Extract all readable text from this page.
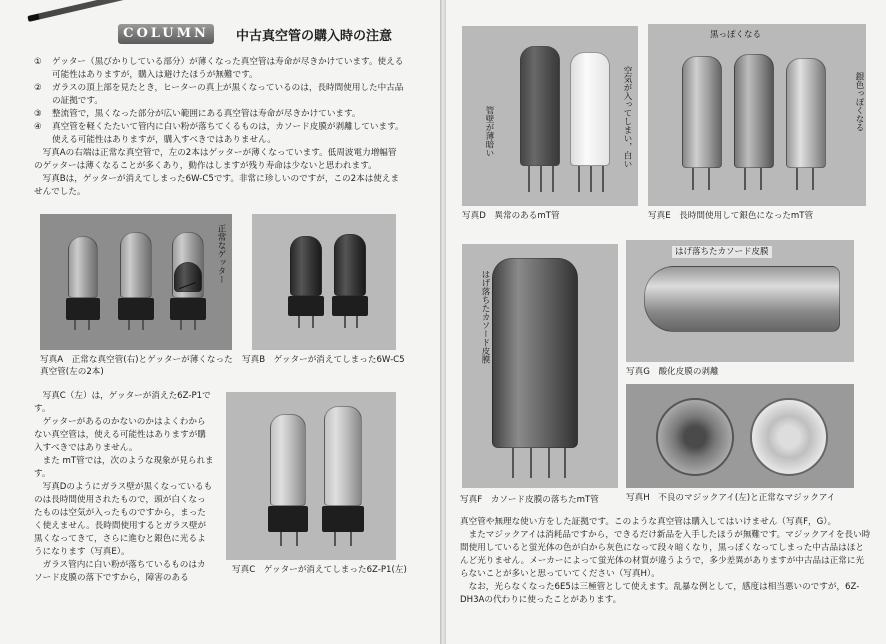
COLUMN	中古真空管の購入時の注意
①	ゲッター（黒びかりしている部分）が薄くなった真空管は寿命が尽きかけています。使える可能性はありますが，購入は避けたほうが無難です。
②	ガラスの頂上部を見たとき，ヒーターの真上が黒くなっているのは，長時間使用した中古品の証拠です。
③	整流管で，黒くなった部分が広い範囲にある真空管は寿命が尽きかけています。
④	真空管を軽くたたいて管内に白い粉が落ちてくるものは，カソード皮膜が剥離しています。使える可能性はありますが，購入すべきではありません。

写真Aの右端は正常な真空管で，左の2本はゲッターが薄くなっています。低周波電力増幅管のゲッターは薄くなることが多くあり，動作はしますが残り寿命は少ないと思われます。

写真Bは，ゲッターが消えてしまった6W-C5です。非常に珍しいのですが，この2本は使えませんでした。

正常なゲッター
写真A　正常な真空管(右)とゲッターが薄くなった真空管(左の2本)
写真B　ゲッターが消えてしまった6W-C5

写真C（左）は，ゲッターが消えた6Z-P1です。

ゲッターがあるのかないのかはよくわからない真空管は，使える可能性はありますが購入すべきではありません。

また mT管では，次のような現象が見られます。

写真Dのようにガラス壁が黒くなっているものは長時間使用されたもので，頭が白くなったものは空気が入ったものですから，まったく使えません。長時間使用するとガラス壁が黒くなってきて，さらに進むと銀色に光るようになります（写真E）。

ガラス管内に白い粉が落ちているものはカソード皮膜の落下ですから，障害のある

写真C　ゲッターが消えてしまった6Z-P1(左)
管壁が薄暗い	空気が入ってしまい，白い
写真D　異常のあるmT管
黒っぽくなる
銀色っぽくなる
写真E　長時間使用して銀色になったmT管
はげ落ちたカソード皮膜
写真F　カソード皮膜の落ちたmT管
はげ落ちたカソード皮膜
写真G　酸化皮膜の剥離
写真H　不良のマジックアイ(左)と正常なマジックアイ

真空管や無理な使い方をした証拠です。このような真空管は購入してはいけません（写真F，G）。

またマジックアイは消耗品ですから，できるだけ新品を入手したほうが無難です。マジックアイを長い時間使用していると蛍光体の色が白から灰色になって段々暗くなり，黒っぽくなってしまった中古品はほとんど光りません。メーカーによって蛍光体の材質が違うようで，多少差異がありますが中古品は正常に光らないことが多いと思っていてください（写真H）。

なお，光らなくなった6E5は三極管として使えます。乱暴な例として，感度は相当悪いのですが，6Z-DH3Aの代わりに使ったことがあります。
